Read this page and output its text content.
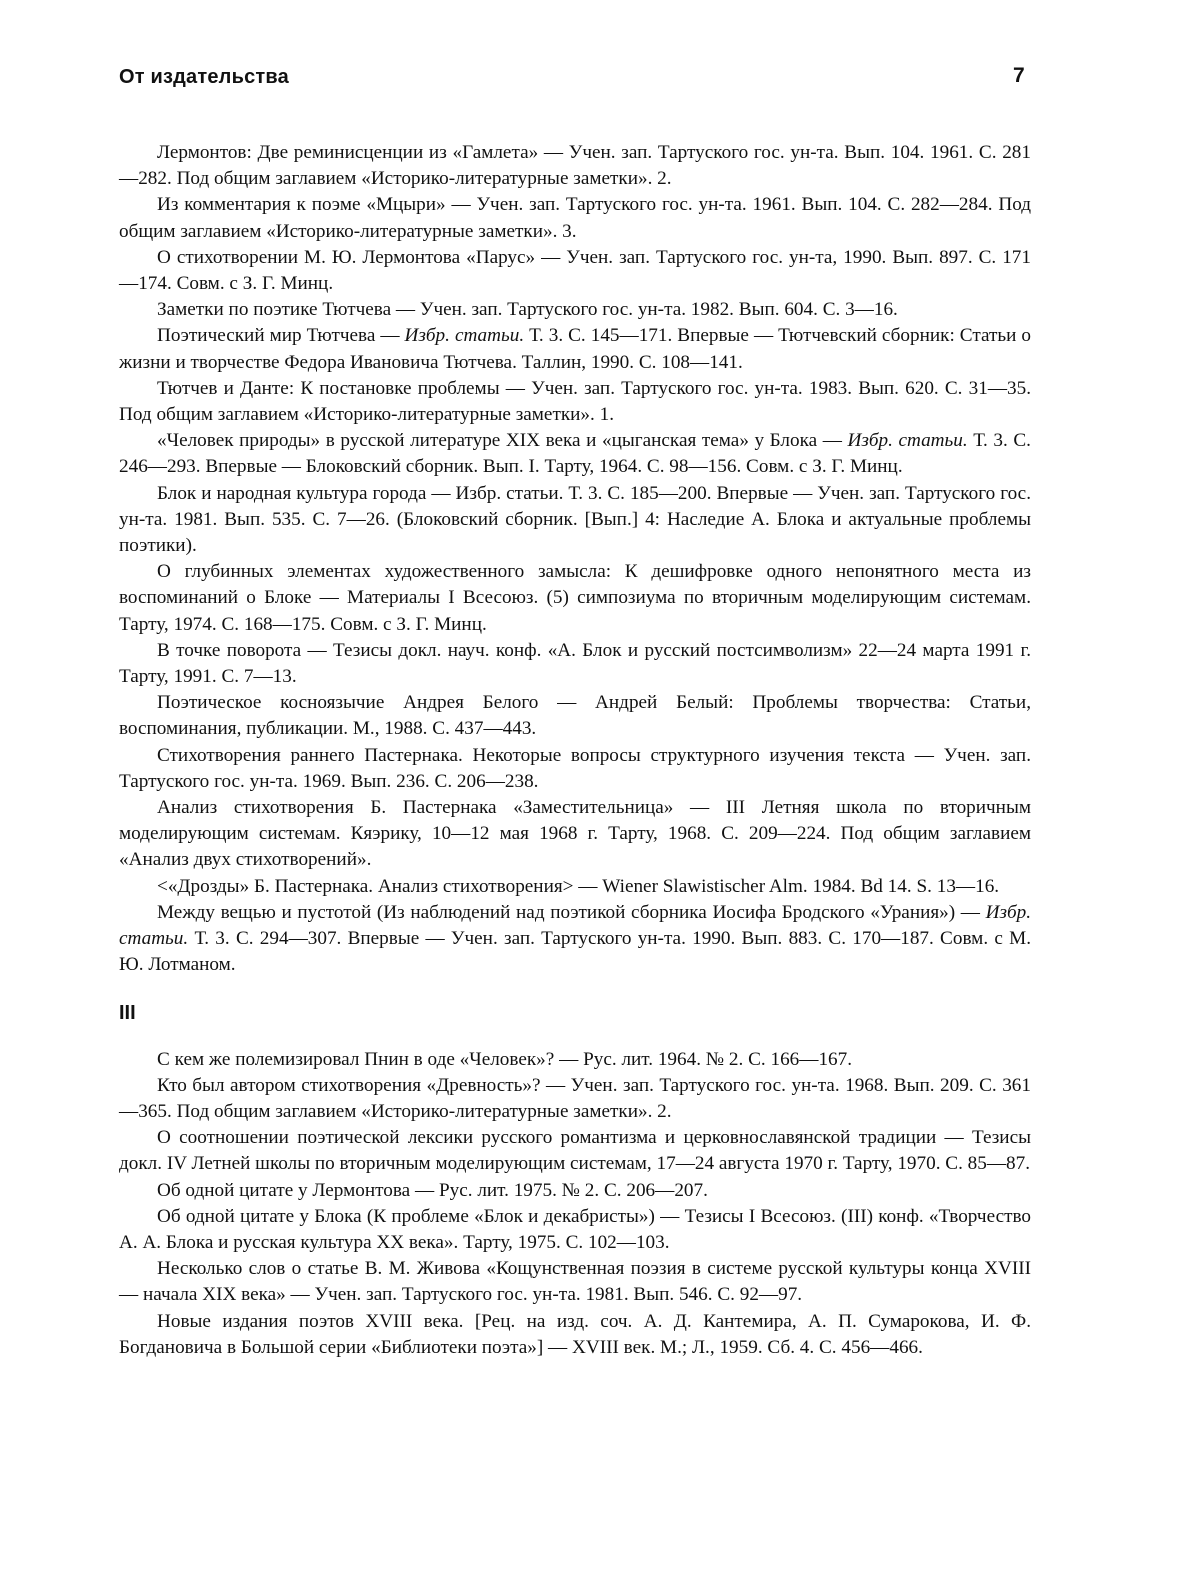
От издательства	7

Лермонтов: Две реминисценции из «Гамлета» — Учен. зап. Тартуского гос. ун-та. Вып. 104. 1961. С. 281—282. Под общим заглавием «Историко-литературные заметки». 2.

Из комментария к поэме «Мцыри» — Учен. зап. Тартуского гос. ун-та. 1961. Вып. 104. С. 282—284. Под общим заглавием «Историко-литературные заметки». 3.

О стихотворении М. Ю. Лермонтова «Парус» — Учен. зап. Тартуского гос. ун-та, 1990. Вып. 897. С. 171—174. Совм. с З. Г. Минц.

Заметки по поэтике Тютчева — Учен. зап. Тартуского гос. ун-та. 1982. Вып. 604. С. 3—16.

Поэтический мир Тютчева — Избр. статьи. Т. 3. С. 145—171. Впервые — Тютчевский сборник: Статьи о жизни и творчестве Федора Ивановича Тютчева. Таллин, 1990. С. 108—141.

Тютчев и Данте: К постановке проблемы — Учен. зап. Тартуского гос. ун-та. 1983. Вып. 620. С. 31—35. Под общим заглавием «Историко-литературные заметки». 1.

«Человек природы» в русской литературе XIX века и «цыганская тема» у Блока — Избр. статьи. Т. 3. С. 246—293. Впервые — Блоковский сборник. Вып. I. Тарту, 1964. С. 98—156. Совм. с З. Г. Минц.

Блок и народная культура города — Избр. статьи. Т. 3. С. 185—200. Впервые — Учен. зап. Тартуского гос. ун-та. 1981. Вып. 535. С. 7—26. (Блоковский сборник. [Вып.] 4: Наследие А. Блока и актуальные проблемы поэтики).

О глубинных элементах художественного замысла: К дешифровке одного непонятного места из воспоминаний о Блоке — Материалы I Всесоюз. (5) симпозиума по вторичным моделирующим системам. Тарту, 1974. С. 168—175. Совм. с З. Г. Минц.

В точке поворота — Тезисы докл. науч. конф. «А. Блок и русский постсимволизм» 22—24 марта 1991 г. Тарту, 1991. С. 7—13.

Поэтическое косноязычие Андрея Белого — Андрей Белый: Проблемы творчества: Статьи, воспоминания, публикации. М., 1988. С. 437—443.

Стихотворения раннего Пастернака. Некоторые вопросы структурного изучения текста — Учен. зап. Тартуского гос. ун-та. 1969. Вып. 236. С. 206—238.

Анализ стихотворения Б. Пастернака «Заместительница» — III Летняя школа по вторичным моделирующим системам. Кяэрику, 10—12 мая 1968 г. Тарту, 1968. С. 209—224. Под общим заглавием «Анализ двух стихотворений».

<«Дрозды» Б. Пастернака. Анализ стихотворения> — Wiener Slawistischer Alm. 1984. Bd 14. S. 13—16.

Между вещью и пустотой (Из наблюдений над поэтикой сборника Иосифа Бродского «Урания») — Избр. статьи. Т. 3. С. 294—307. Впервые — Учен. зап. Тартуского ун-та. 1990. Вып. 883. С. 170—187. Совм. с М. Ю. Лотманом.

III

С кем же полемизировал Пнин в оде «Человек»? — Рус. лит. 1964. № 2. С. 166—167.

Кто был автором стихотворения «Древность»? — Учен. зап. Тартуского гос. ун-та. 1968. Вып. 209. С. 361—365. Под общим заглавием «Историко-литературные заметки». 2.

О соотношении поэтической лексики русского романтизма и церковнославянской традиции — Тезисы докл. IV Летней школы по вторичным моделирующим системам, 17—24 августа 1970 г. Тарту, 1970. С. 85—87.

Об одной цитате у Лермонтова — Рус. лит. 1975. № 2. С. 206—207.

Об одной цитате у Блока (К проблеме «Блок и декабристы») — Тезисы I Всесоюз. (III) конф. «Творчество А. А. Блока и русская культура XX века». Тарту, 1975. С. 102—103.

Несколько слов о статье В. М. Живова «Кощунственная поэзия в системе русской культуры конца XVIII — начала XIX века» — Учен. зап. Тартуского гос. ун-та. 1981. Вып. 546. С. 92—97.

Новые издания поэтов XVIII века. [Рец. на изд. соч. А. Д. Кантемира, А. П. Сумарокова, И. Ф. Богдановича в Большой серии «Библиотеки поэта»] — XVIII век. М.; Л., 1959. Сб. 4. С. 456—466.
